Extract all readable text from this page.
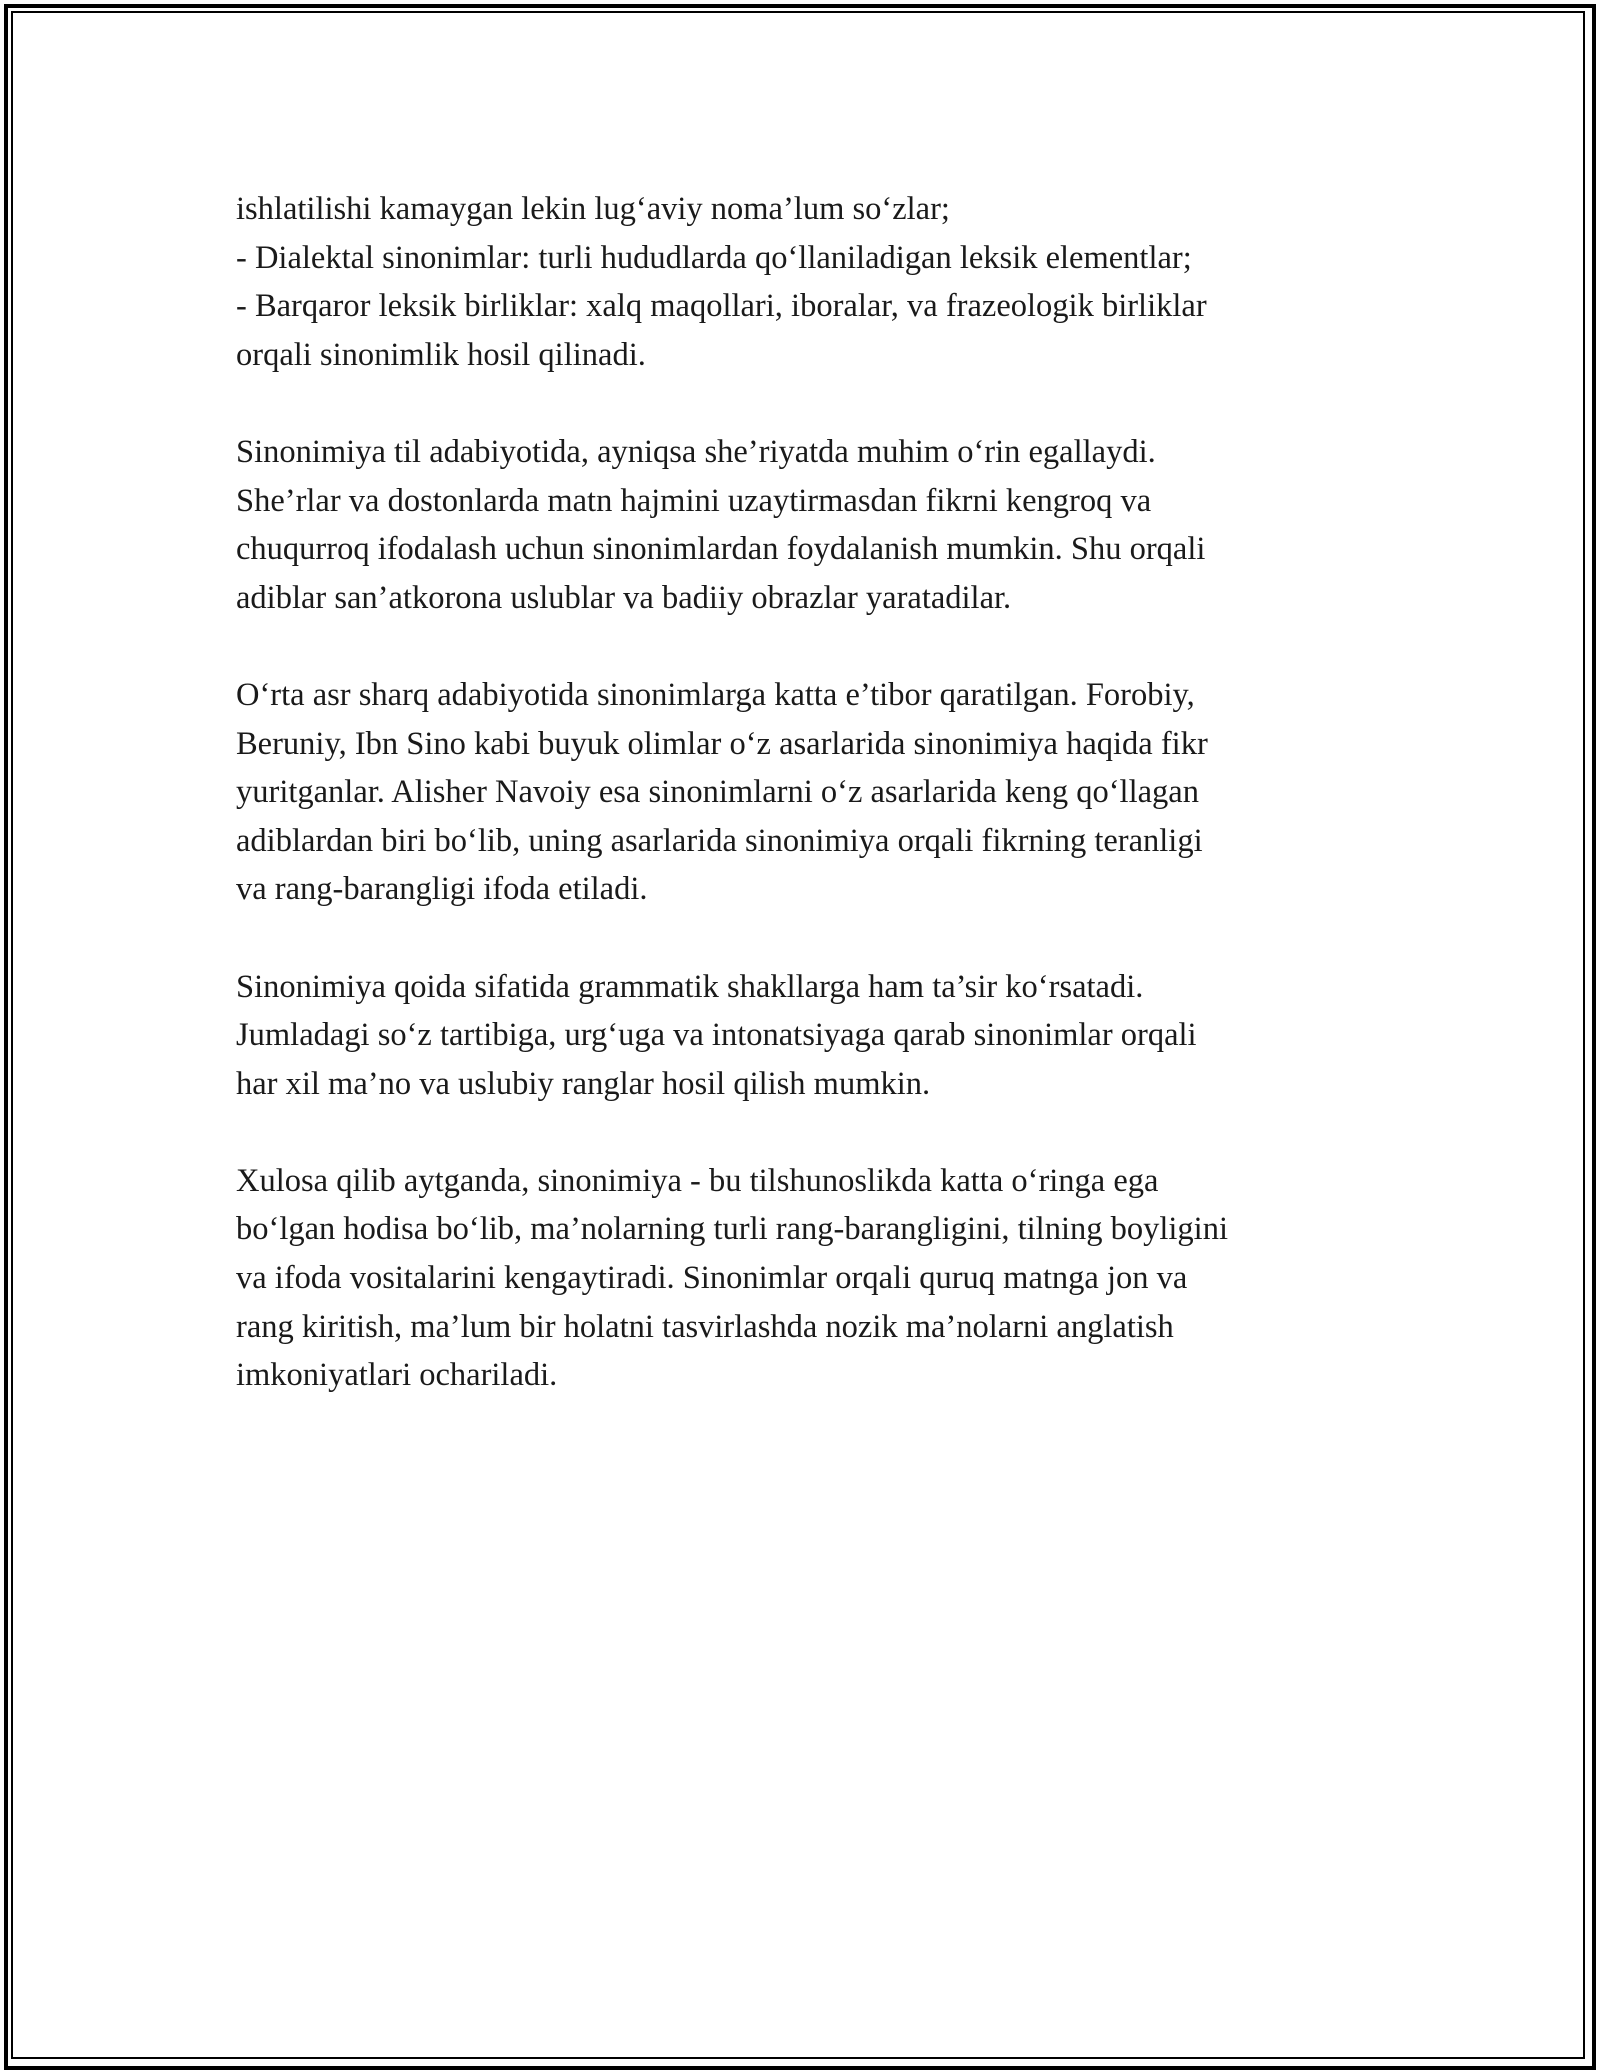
ishlatilishi kamaygan lekin lug‘aviy noma’lum so‘zlar;
- Dialektal sinonimlar: turli hududlarda qo‘llaniladigan leksik elementlar;
- Barqaror leksik birliklar: xalq maqollari, iboralar, va frazeologik birliklar
orqali sinonimlik hosil qilinadi.

Sinonimiya til adabiyotida, ayniqsa she’riyatda muhim o‘rin egallaydi.
She’rlar va dostonlarda matn hajmini uzaytirmasdan fikrni kengroq va
chuqurroq ifodalash uchun sinonimlardan foydalanish mumkin. Shu orqali
adiblar san’atkorona uslublar va badiiy obrazlar yaratadilar.

O‘rta asr sharq adabiyotida sinonimlarga katta e’tibor qaratilgan. Forobiy,
Beruniy, Ibn Sino kabi buyuk olimlar o‘z asarlarida sinonimiya haqida fikr
yuritganlar. Alisher Navoiy esa sinonimlarni o‘z asarlarida keng qo‘llagan
adiblardan biri bo‘lib, uning asarlarida sinonimiya orqali fikrning teranligi
va rang-barangligi ifoda etiladi.

Sinonimiya qoida sifatida grammatik shakllarga ham ta’sir ko‘rsatadi.
Jumladagi so‘z tartibiga, urg‘uga va intonatsiyaga qarab sinonimlar orqali
har xil ma’no va uslubiy ranglar hosil qilish mumkin.

Xulosa qilib aytganda, sinonimiya - bu tilshunoslikda katta o‘ringa ega
bo‘lgan hodisa bo‘lib, ma’nolarning turli rang-barangligini, tilning boyligini
va ifoda vositalarini kengaytiradi. Sinonimlar orqali quruq matnga jon va
rang kiritish, ma’lum bir holatni tasvirlashda nozik ma’nolarni anglatish
imkoniyatlari ochariladi.
